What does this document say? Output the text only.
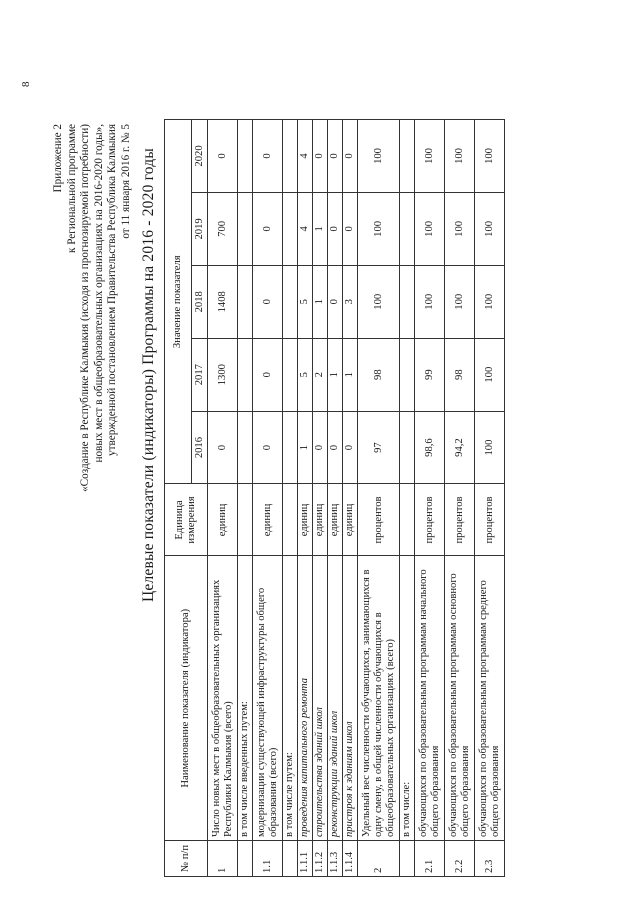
8
Приложение 2 к Региональной программе «Создание в Республике Калмыкия (исходя из прогнозируемой потребности) новых мест в общеобразовательных организациях на 2016-2020 годы», утвержденной постановлением Правительства Республика Калмыкия от 11 января 2016 г. № 5 Целевые показатели (индикаторы) Программы на 2016 - 2020 годы
№ п/п	Наименование показателя (индикатора)	Единица измерения	Значение показателя				
			2016	2017	2018	2019	2020
1	Число новых мест в общеобразовательных организациях Республики Калмыкия (всего)	единиц	0	1300	1408	700	0
	в том числе введенных путем:						
1.1	модернизации существующей инфраструктуры общего образования (всего)	единиц	0	0	0	0	0
	в том числе путем:						
1.1.1	проведения капитального ремонта	единиц	1	5	5	4	4
1.1.2	строительства зданий школ	единиц	0	2	1	1	0
1.1.3	реконструкции зданий школ	единиц	0	1	0	0	0
1.1.4	пристроя к зданиям школ	единиц	0	1	3	0	0
2	Удельный вес численности обучающихся, занимающихся в одну смену, в общей численности обучающихся в общеобразовательных организациях (всего)	процентов	97	98	100	100	100
	в том числе:						
2.1	обучающихся по образовательным программам начального общего образования	процентов	98,6	99	100	100	100
2.2	обучающихся по образовательным программам основного общего образования	процентов	94,2	98	100	100	100
2.3	обучающихся по образовательным программам среднего общего образования	процентов	100	100	100	100	100
